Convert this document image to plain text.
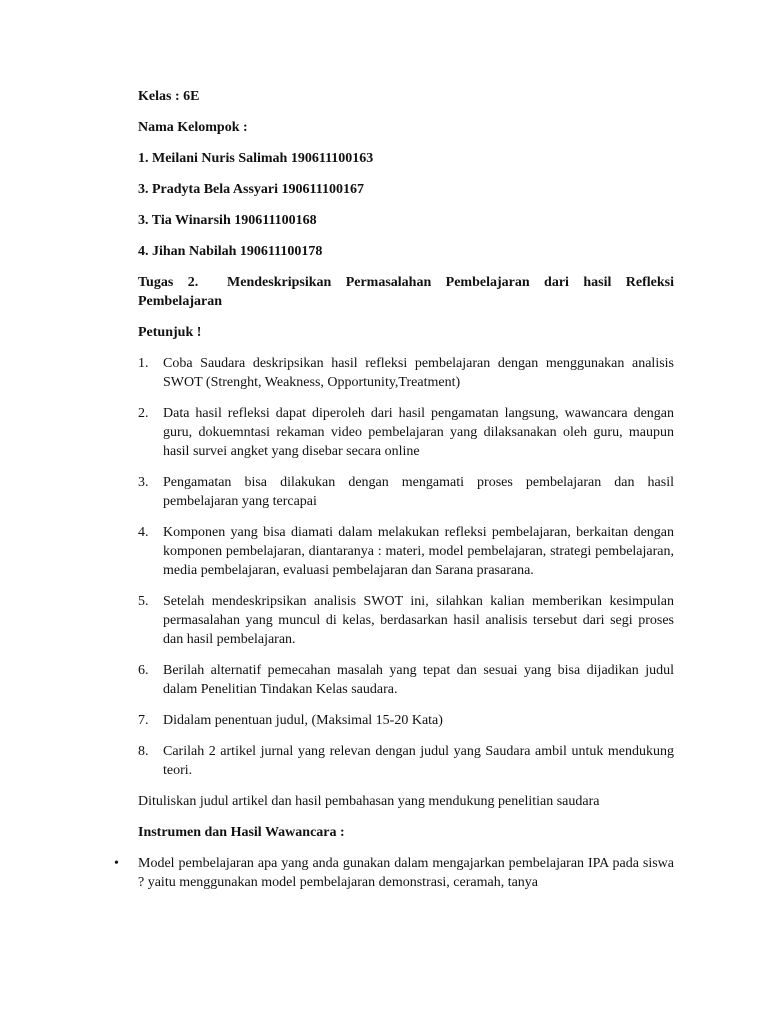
Kelas : 6E

Nama Kelompok :

1. Meilani Nuris Salimah 190611100163

3. Pradyta Bela Assyari 190611100167

3. Tia Winarsih 190611100168

4. Jihan Nabilah 190611100178

Tugas 2.  Mendeskripsikan Permasalahan Pembelajaran dari hasil Refleksi Pembelajaran

Petunjuk !

1.	Coba Saudara deskripsikan hasil refleksi pembelajaran dengan menggunakan analisis SWOT (Strenght, Weakness, Opportunity,Treatment)
2.	Data hasil refleksi dapat diperoleh dari hasil pengamatan langsung, wawancara dengan guru, dokuemntasi rekaman video pembelajaran yang dilaksanakan oleh guru, maupun hasil survei angket yang disebar secara online
3.	Pengamatan bisa dilakukan dengan mengamati proses pembelajaran dan hasil pembelajaran yang tercapai
4.	Komponen yang bisa diamati dalam melakukan refleksi pembelajaran, berkaitan dengan komponen pembelajaran, diantaranya : materi, model pembelajaran, strategi pembelajaran, media pembelajaran, evaluasi pembelajaran dan Sarana prasarana.
5.	Setelah mendeskripsikan analisis SWOT ini, silahkan kalian memberikan kesimpulan permasalahan yang muncul di kelas, berdasarkan hasil analisis tersebut dari segi proses dan hasil pembelajaran.
6.	Berilah alternatif pemecahan masalah yang tepat dan sesuai yang bisa dijadikan judul dalam Penelitian Tindakan Kelas saudara.
7.	Didalam penentuan judul, (Maksimal 15-20 Kata)
8.	Carilah 2 artikel jurnal yang relevan dengan judul yang Saudara ambil untuk mendukung teori.

Dituliskan judul artikel dan hasil pembahasan yang mendukung penelitian saudara

Instrumen dan Hasil Wawancara :

•	Model pembelajaran apa yang anda gunakan dalam mengajarkan pembelajaran IPA pada siswa ? yaitu menggunakan model pembelajaran demonstrasi, ceramah, tanya
